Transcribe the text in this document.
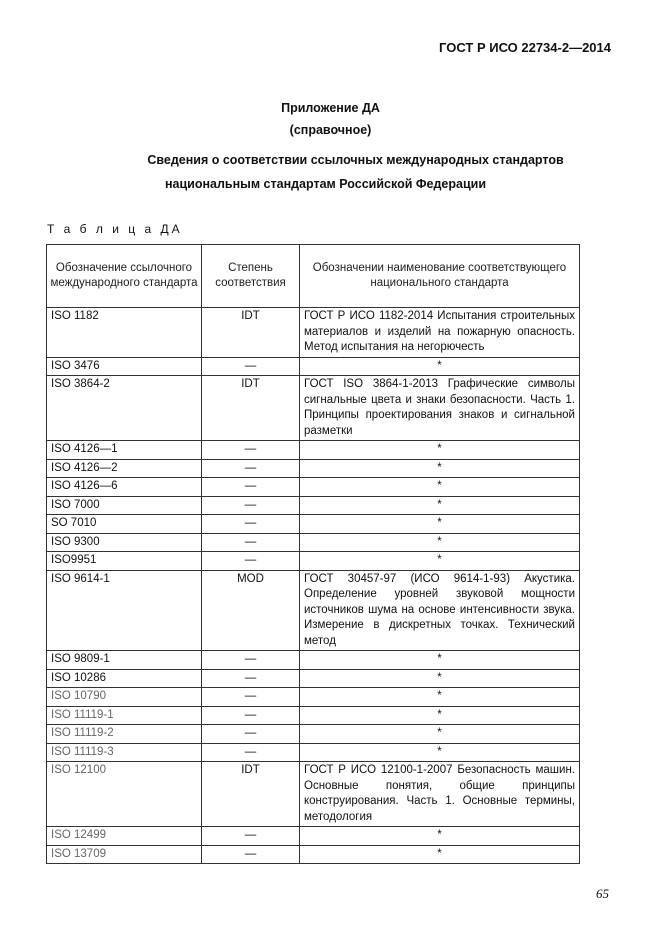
ГОСТ Р ИСО 22734-2—2014
Приложение ДА
(справочное)
Сведения о соответствии ссылочных международных стандартов
национальным стандартам Российской Федерации
Т а б л и ц а ДА
Обозначение ссылочного международного стандарта	Степень соответствия	Обозначении наименование соответствующего национального стандарта
ISO 1182	IDT	ГОСТ Р ИСО 1182-2014 Испытания строительных материалов и изделий на пожарную опасность. Метод испытания на негорючесть
ISO 3476	—	*
ISO 3864-2	IDT	ГОСТ ISO 3864-1-2013 Графические символы сигнальные цвета и знаки безопасности. Часть 1. Принципы проектирования знаков и сигнальной разметки
ISO 4126—1	—	*
ISO 4126—2	—	*
ISO 4126—6	—	*
ISO 7000	—	*
SO 7010	—	*
ISO 9300	—	*
ISO9951	—	*
ISO 9614-1	MOD	ГОСТ 30457-97 (ИСО 9614-1-93) Акустика. Определение уровней звуковой мощности источников шума на основе интенсивности звука. Измерение в дискретных точках. Технический метод
ISO 9809-1	—	*
ISO 10286	—	*
ISO 10790	—	*
ISO 11119-1	—	*
ISO 11119-2	—	*
ISO 11119-3	—	*
ISO 12100	IDT	ГОСТ Р ИСО 12100-1-2007 Безопасность машин. Основные понятия, общие принципы конструирования. Часть 1. Основные термины, методология
ISO 12499	—	*
ISO 13709	—	*
65
